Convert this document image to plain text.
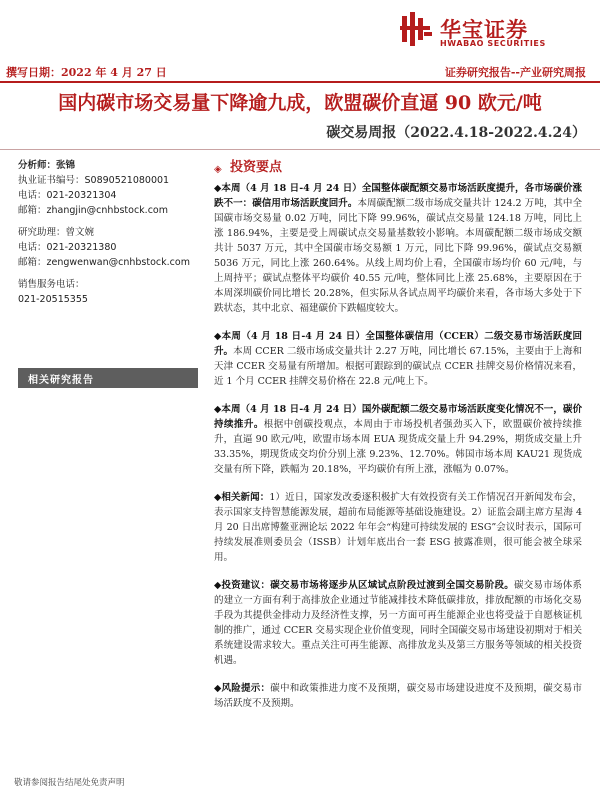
华宝证券
HWABAO SECURITIES
撰写日期：2022 年 4 月 27 日	证券研究报告--产业研究周报
国内碳市场交易量下降逾九成，欧盟碳价直逼 90 欧元/吨
碳交易周报（2022.4.18-2022.4.24）
分析师：张锦
执业证书编号：S0890521080001
电话：021-20321304
邮箱：zhangjin@cnhbstock.com
研究助理：曾文婉
电话：021-20321380
邮箱：zengwenwan@cnhbstock.com
销售服务电话：
021-20515355
相关研究报告
◈ 投资要点

◆本周（4 月 18 日-4 月 24 日）全国整体碳配额交易市场活跃度提升，各市场碳价涨跌不一：碳信用市场活跃度回升。本周碳配额二级市场成交量共计 124.2 万吨，其中全国碳市场交易量 0.02 万吨，同比下降 99.96%，碳试点交易量 124.18 万吨，同比上涨 186.94%，主要是受上周碳试点交易量基数较小影响。本周碳配额二级市场成交额共计 5037 万元，其中全国碳市场交易额 1 万元，同比下降 99.96%，碳试点交易额 5036 万元，同比上涨 260.64%。从线上周均价上看，全国碳市场均价 60 元/吨，与上周持平；碳试点整体平均碳价 40.55 元/吨，整体同比上涨 25.68%，主要原因在于本周深圳碳价同比增长 20.28%，但实际从各试点周平均碳价来看，各市场大多处于下跌状态，其中北京、福建碳价下跌幅度较大。

◆本周（4 月 18 日-4 月 24 日）全国整体碳信用（CCER）二级交易市场活跃度回升。本周 CCER 二级市场成交量共计 2.27 万吨，同比增长 67.15%，主要由于上海和天津 CCER 交易量有所增加。根据可跟踪到的碳试点 CCER 挂牌交易价格情况来看，近 1 个月 CCER 挂牌交易价格在 22.8 元/吨上下。

◆本周（4 月 18 日-4 月 24 日）国外碳配额二级交易市场活跃度变化情况不一，碳价持续推升。根据中创碳投观点，本周由于市场投机者强劲买入下，欧盟碳价被持续推升，直逼 90 欧元/吨，欧盟市场本周 EUA 现货成交量上升 94.29%，期货成交量上升 33.35%，期现货成交均价分别上涨 9.23%、12.70%。韩国市场本周 KAU21 现货成交量有所下降，跌幅为 20.18%，平均碳价有所上涨，涨幅为 0.07%。

◆相关新闻：1）近日，国家发改委逐积极扩大有效投资有关工作情况召开新闻发布会，表示国家支持智慧能源发展，超前布局能源等基础设施建设。2）证监会副主席方星海 4 月 20 日出席博鳌亚洲论坛 2022 年年会“构建可持续发展的 ESG”会议时表示，国际可持续发展准则委员会（ISSB）计划年底出台一套 ESG 披露准则，很可能会被全球采用。

◆投资建议：碳交易市场将逐步从区域试点阶段过渡到全国交易阶段。碳交易市场体系的建立一方面有利于高排放企业通过节能减排技术降低碳排放，排放配额的市场化交易手段为其提供金排动力及经济性支撑，另一方面可再生能源企业也将受益于自愿核证机制的推广，通过 CCER 交易实现企业价值变现，同时全国碳交易市场建设初期对于相关系统建设需求较大。重点关注可再生能源、高排放龙头及第三方服务等领域的相关投资机遇。

◆风险提示：碳中和政策推进力度不及预期，碳交易市场建设进度不及预期，碳交易市场活跃度不及预期。

敬请参阅报告结尾处免责声明
